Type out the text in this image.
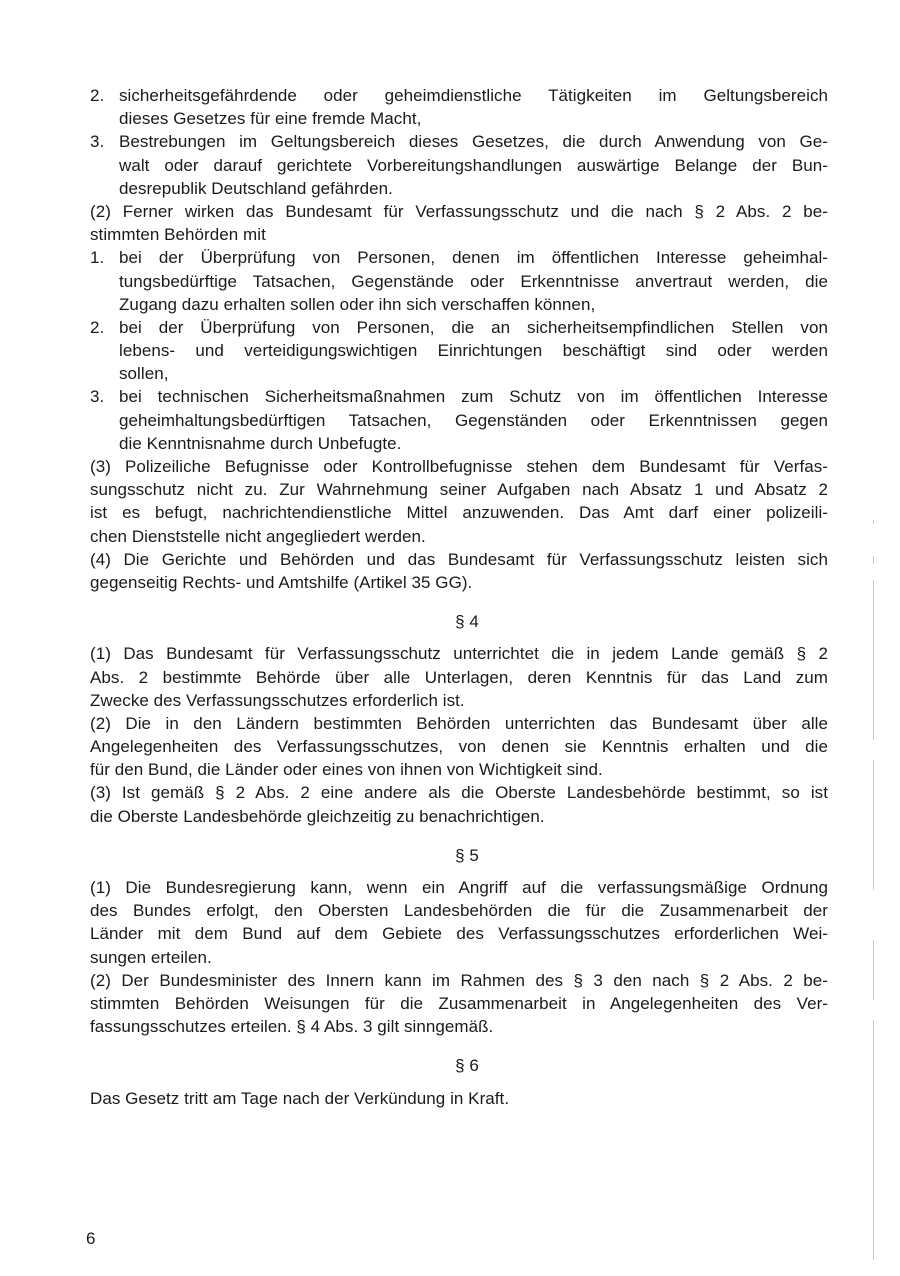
2. sicherheitsgefährdende oder geheimdienstliche Tätigkeiten im Geltungsbereich
dieses Gesetzes für eine fremde Macht,
3. Bestrebungen im Geltungsbereich dieses Gesetzes, die durch Anwendung von Ge-
walt oder darauf gerichtete Vorbereitungshandlungen auswärtige Belange der Bun-
desrepublik Deutschland gefährden.
(2) Ferner wirken das Bundesamt für Verfassungsschutz und die nach § 2 Abs. 2 be-
stimmten Behörden mit
1. bei der Überprüfung von Personen, denen im öffentlichen Interesse geheimhal-
tungsbedürftige Tatsachen, Gegenstände oder Erkenntnisse anvertraut werden, die
Zugang dazu erhalten sollen oder ihn sich verschaffen können,
2. bei der Überprüfung von Personen, die an sicherheitsempfindlichen Stellen von
lebens- und verteidigungswichtigen Einrichtungen beschäftigt sind oder werden
sollen,
3. bei technischen Sicherheitsmaßnahmen zum Schutz von im öffentlichen Interesse
geheimhaltungsbedürftigen Tatsachen, Gegenständen oder Erkenntnissen gegen
die Kenntnisnahme durch Unbefugte.
(3) Polizeiliche Befugnisse oder Kontrollbefugnisse stehen dem Bundesamt für Verfas-
sungsschutz nicht zu. Zur Wahrnehmung seiner Aufgaben nach Absatz 1 und Absatz 2
ist es befugt, nachrichtendienstliche Mittel anzuwenden. Das Amt darf einer polizeili-
chen Dienststelle nicht angegliedert werden.
(4) Die Gerichte und Behörden und das Bundesamt für Verfassungsschutz leisten sich
gegenseitig Rechts- und Amtshilfe (Artikel 35 GG).
§ 4
(1) Das Bundesamt für Verfassungsschutz unterrichtet die in jedem Lande gemäß § 2
Abs. 2 bestimmte Behörde über alle Unterlagen, deren Kenntnis für das Land zum
Zwecke des Verfassungsschutzes erforderlich ist.
(2) Die in den Ländern bestimmten Behörden unterrichten das Bundesamt über alle
Angelegenheiten des Verfassungsschutzes, von denen sie Kenntnis erhalten und die
für den Bund, die Länder oder eines von ihnen von Wichtigkeit sind.
(3) Ist gemäß § 2 Abs. 2 eine andere als die Oberste Landesbehörde bestimmt, so ist
die Oberste Landesbehörde gleichzeitig zu benachrichtigen.
§ 5
(1) Die Bundesregierung kann, wenn ein Angriff auf die verfassungsmäßige Ordnung
des Bundes erfolgt, den Obersten Landesbehörden die für die Zusammenarbeit der
Länder mit dem Bund auf dem Gebiete des Verfassungsschutzes erforderlichen Wei-
sungen erteilen.
(2) Der Bundesminister des Innern kann im Rahmen des § 3 den nach § 2 Abs. 2 be-
stimmten Behörden Weisungen für die Zusammenarbeit in Angelegenheiten des Ver-
fassungsschutzes erteilen. § 4 Abs. 3 gilt sinngemäß.
§ 6
Das Gesetz tritt am Tage nach der Verkündung in Kraft.
6
